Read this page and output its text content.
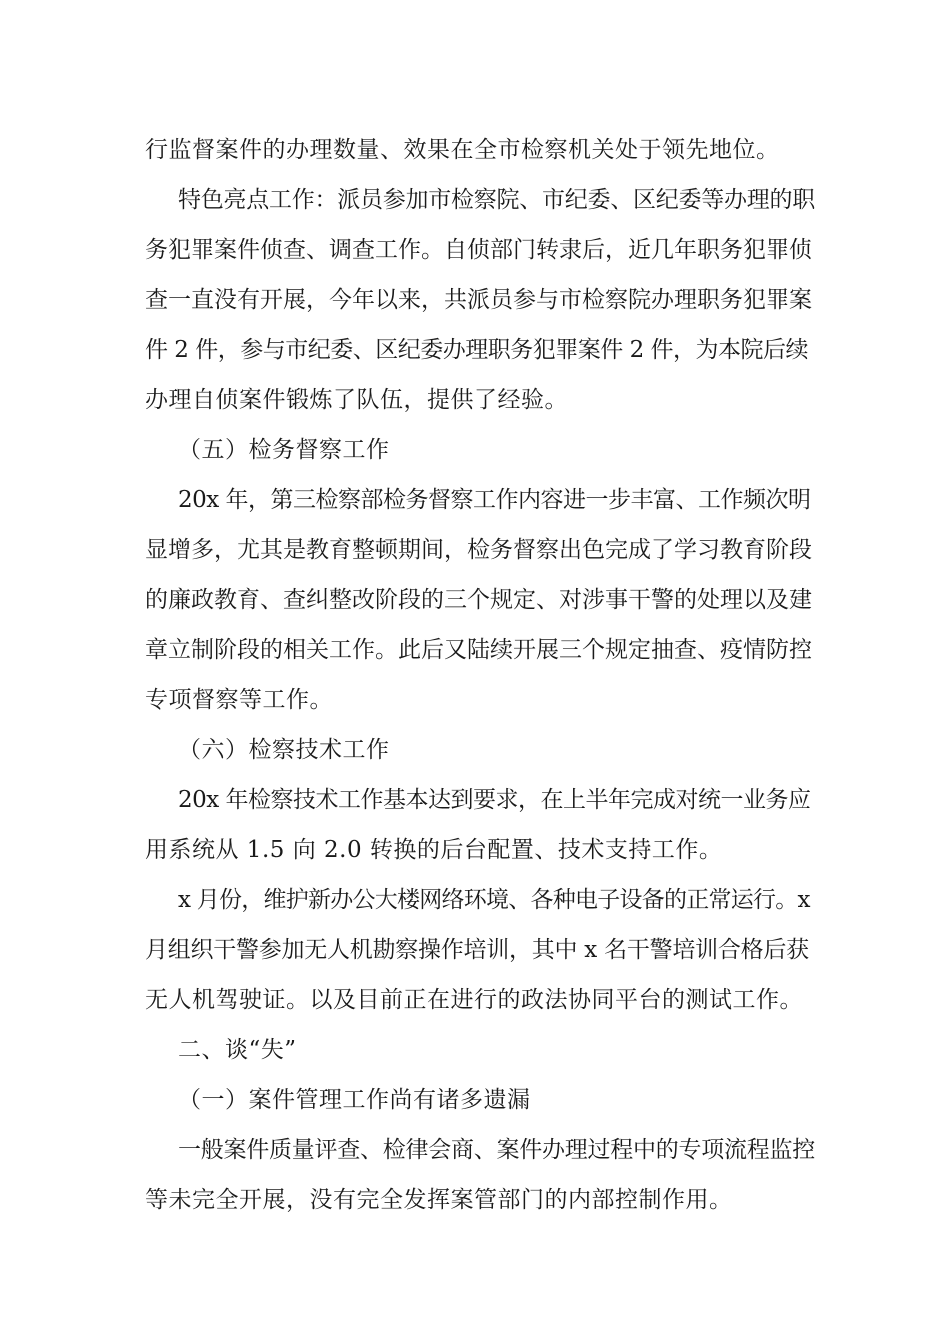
行监督案件的办理数量、效果在全市检察机关处于领先地位。
特色亮点工作：派员参加市检察院、市纪委、区纪委等办理的职
务犯罪案件侦查、调查工作。自侦部门转隶后，近几年职务犯罪侦
查一直没有开展，今年以来，共派员参与市检察院办理职务犯罪案
件 2 件，参与市纪委、区纪委办理职务犯罪案件 2 件，为本院后续
办理自侦案件锻炼了队伍，提供了经验。
（五）检务督察工作
20x 年，第三检察部检务督察工作内容进一步丰富、工作频次明
显增多，尤其是教育整顿期间，检务督察出色完成了学习教育阶段
的廉政教育、查纠整改阶段的三个规定、对涉事干警的处理以及建
章立制阶段的相关工作。此后又陆续开展三个规定抽查、疫情防控
专项督察等工作。
（六）检察技术工作
20x 年检察技术工作基本达到要求，在上半年完成对统一业务应
用系统从 1.5 向 2.0 转换的后台配置、技术支持工作。
x 月份，维护新办公大楼网络环境、各种电子设备的正常运行。x
月组织干警参加无人机勘察操作培训，其中 x 名干警培训合格后获
无人机驾驶证。以及目前正在进行的政法协同平台的测试工作。
二、谈“失”
（一）案件管理工作尚有诸多遗漏
一般案件质量评查、检律会商、案件办理过程中的专项流程监控
等未完全开展，没有完全发挥案管部门的内部控制作用。
